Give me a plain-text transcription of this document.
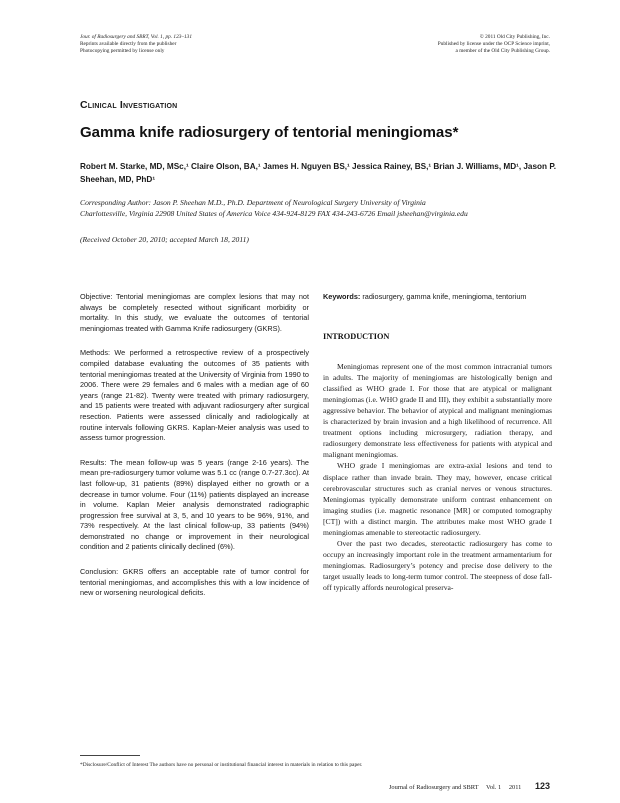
Jour. of Radiosurgery and SBRT, Vol. 1, pp. 123–131
Reprints available directly from the publisher
Photocopying permitted by license only
© 2011 Old City Publishing, Inc.
Published by license under the OCP Science imprint,
a member of the Old City Publishing Group.
Clinical Investigation
Gamma knife radiosurgery of tentorial meningiomas*
Robert M. Starke, MD, MSc,¹ Claire Olson, BA,¹ James H. Nguyen BS,¹ Jessica Rainey, BS,¹ Brian J. Williams, MD¹, Jason P. Sheehan, MD, PhD¹
Corresponding Author: Jason P. Sheehan M.D., Ph.D. Department of Neurological Surgery University of Virginia
Charlottesville, Virginia 22908 United States of America Voice 434-924-8129 FAX 434-243-6726 Email jsheehan@virginia.edu
(Received October 20, 2010; accepted March 18, 2011)

Objective: Tentorial meningiomas are complex lesions that may not always be completely resected without significant morbidity or mortality. In this study, we evaluate the outcomes of tentorial meningiomas treated with Gamma Knife radiosurgery (GKRS).

Methods: We performed a retrospective review of a prospectively compiled database evaluating the outcomes of 35 patients with tentorial meningiomas treated at the University of Virginia from 1990 to 2006. There were 29 females and 6 males with a median age of 60 years (range 21-82). Twenty were treated with primary radiosurgery, and 15 patients were treated with adjuvant radiosurgery after surgical resection. Patients were assessed clinically and radiologically at routine intervals following GKRS. Kaplan-Meier analysis was used to assess tumor progression.

Results: The mean follow-up was 5 years (range 2-16 years). The mean pre-radiosurgery tumor volume was 5.1 cc (range 0.7-27.3cc). At last follow-up, 31 patients (89%) displayed either no growth or a decrease in tumor volume. Four (11%) patients displayed an increase in volume. Kaplan Meier analysis demonstrated radiographic progression free survival at 3, 5, and 10 years to be 96%, 91%, and 73% respectively. At the last clinical follow-up, 33 patients (94%) demonstrated no change or improvement in their neurological condition and 2 patients clinically declined (6%).

Conclusion: GKRS offers an acceptable rate of tumor control for tentorial meningiomas, and accomplishes this with a low incidence of new or worsening neurological deficits.

Keywords: radiosurgery, gamma knife, meningioma, tentorium
INTRODUCTION

Meningiomas represent one of the most common intracranial tumors in adults. The majority of meningiomas are histologically benign and classified as WHO grade I. For those that are atypical or malignant meningiomas (i.e. WHO grade II and III), they exhibit a substantially more aggressive behavior. The behavior of atypical and malignant meningiomas is characterized by brain invasion and a high likelihood of recurrence. All treatment options including microsurgery, radiation therapy, and radiosurgery demonstrate less effectiveness for patients with atypical and malignant meningiomas.

WHO grade I meningiomas are extra-axial lesions and tend to displace rather than invade brain. They may, however, encase critical cerebrovascular structures such as cranial nerves or venous structures. Meningiomas typically demonstrate uniform contrast enhancement on imaging studies (i.e. magnetic resonance [MR] or computed tomography [CT]) with a distinct margin. The attributes make most WHO grade I meningiomas amenable to stereotactic radiosurgery.

Over the past two decades, stereotactic radiosurgery has come to occupy an increasingly important role in the treatment armamentarium for meningiomas. Radiosurgery’s potency and precise dose delivery to the target usually leads to long-term tumor control. The steepness of dose fall-off typically affords neurological preserva-

*Disclosure/Conflict of Interest The authors have no personal or institutional financial interest in materials in relation to this paper.
Journal of Radiosurgery and SBRT Vol. 1 2011 123
